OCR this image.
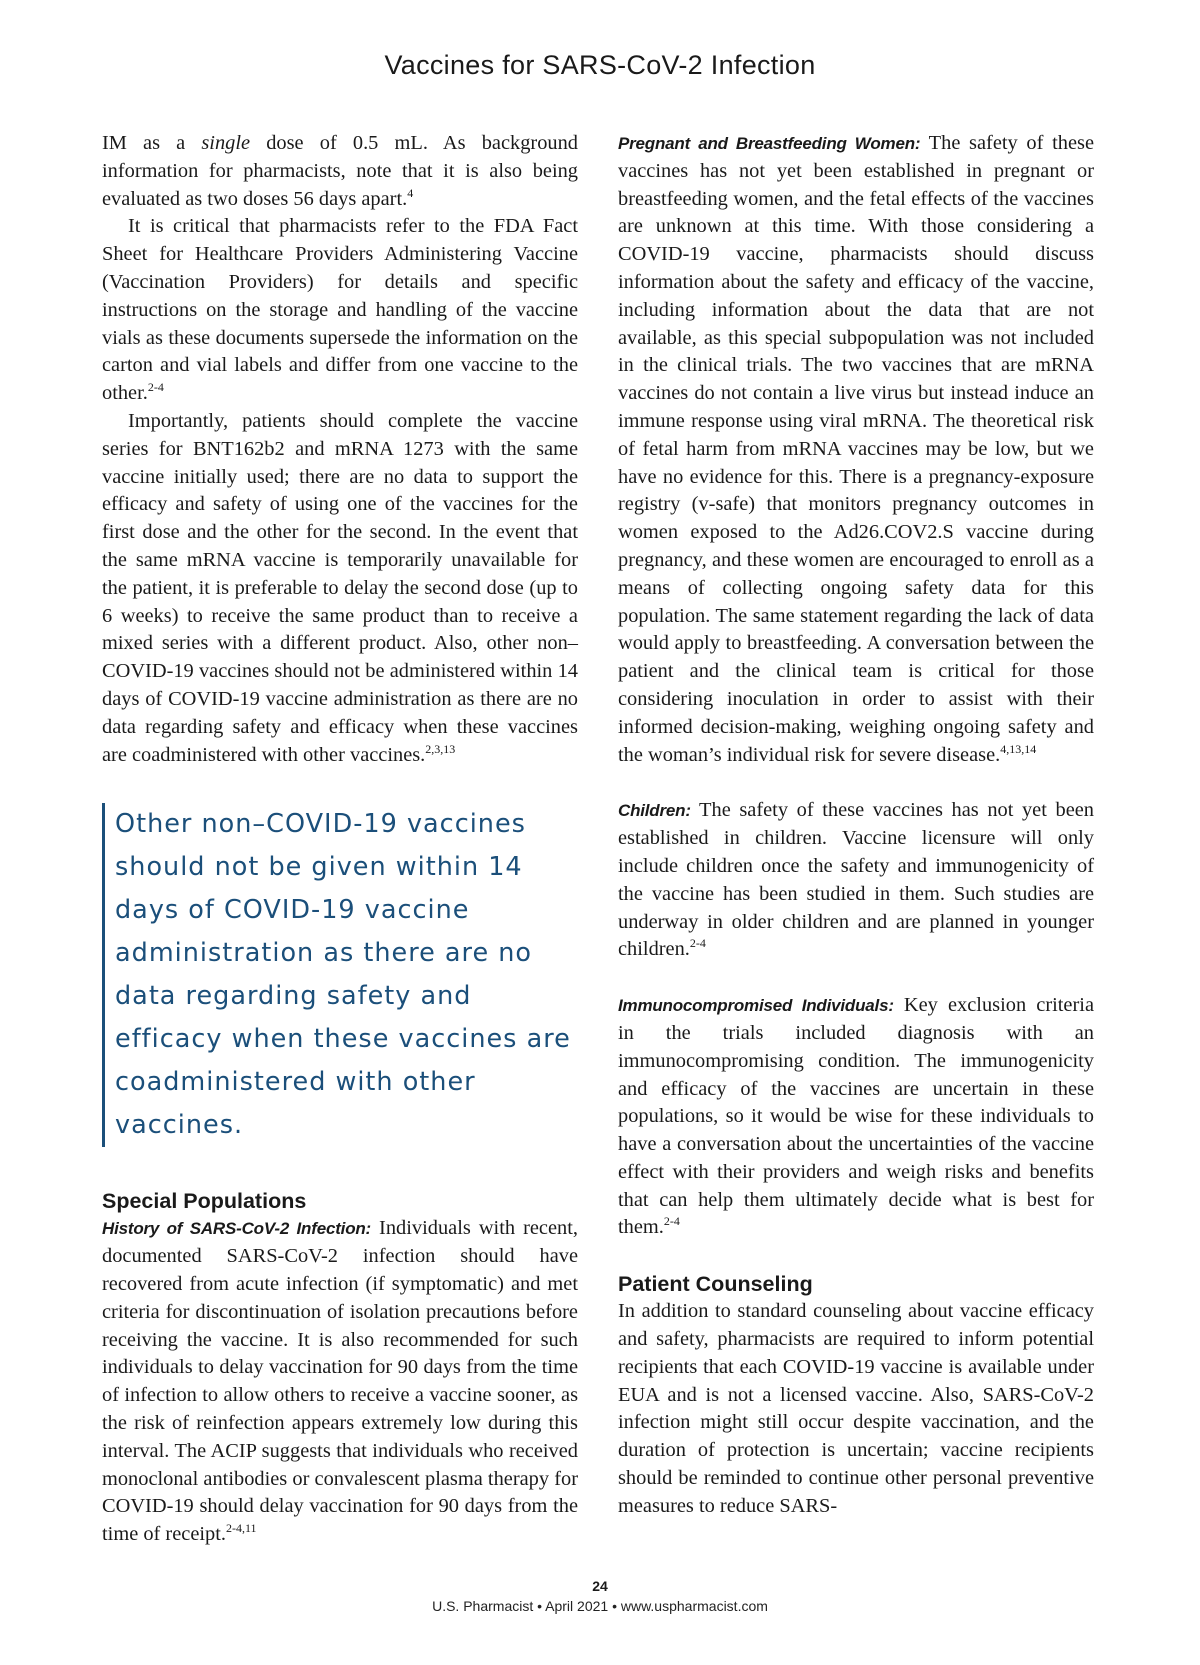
Vaccines for SARS-CoV-2 Infection

IM as a single dose of 0.5 mL. As background information for pharmacists, note that it is also being evaluated as two doses 56 days apart.$^4$

It is critical that pharmacists refer to the FDA Fact Sheet for Healthcare Providers Administering Vaccine (Vaccination Providers) for details and specific instructions on the storage and handling of the vaccine vials as these documents supersede the information on the carton and vial labels and differ from one vaccine to the other.$^{2-4}$

Importantly, patients should complete the vaccine series for BNT162b2 and mRNA 1273 with the same vaccine initially used; there are no data to support the efficacy and safety of using one of the vaccines for the first dose and the other for the second. In the event that the same mRNA vaccine is temporarily unavailable for the patient, it is preferable to delay the second dose (up to 6 weeks) to receive the same product than to receive a mixed series with a different product. Also, other non–COVID-19 vaccines should not be administered within 14 days of COVID-19 vaccine administration as there are no data regarding safety and efficacy when these vaccines are coadministered with other vaccines.$^{2,3,13}$

Other non–COVID-19 vaccines should not be given within 14 days of COVID-19 vaccine administration as there are no data regarding safety and efficacy when these vaccines are coadministered with other vaccines.
Special Populations

History of SARS-CoV-2 Infection: Individuals with recent, documented SARS-CoV-2 infection should have recovered from acute infection (if symptomatic) and met criteria for discontinuation of isolation precautions before receiving the vaccine. It is also recommended for such individuals to delay vaccination for 90 days from the time of infection to allow others to receive a vaccine sooner, as the risk of reinfection appears extremely low during this interval. The ACIP suggests that individuals who received monoclonal antibodies or convalescent plasma therapy for COVID-19 should delay vaccination for 90 days from the time of receipt.$^{2-4,11}$

Pregnant and Breastfeeding Women: The safety of these vaccines has not yet been established in pregnant or breastfeeding women, and the fetal effects of the vaccines are unknown at this time. With those considering a COVID-19 vaccine, pharmacists should discuss information about the safety and efficacy of the vaccine, including information about the data that are not available, as this special subpopulation was not included in the clinical trials. The two vaccines that are mRNA vaccines do not contain a live virus but instead induce an immune response using viral mRNA. The theoretical risk of fetal harm from mRNA vaccines may be low, but we have no evidence for this. There is a pregnancy-exposure registry (v-safe) that monitors pregnancy outcomes in women exposed to the Ad26.COV2.S vaccine during pregnancy, and these women are encouraged to enroll as a means of collecting ongoing safety data for this population. The same statement regarding the lack of data would apply to breastfeeding. A conversation between the patient and the clinical team is critical for those considering inoculation in order to assist with their informed decision-making, weighing ongoing safety and the woman’s individual risk for severe disease.$^{4,13,14}$

Children: The safety of these vaccines has not yet been established in children. Vaccine licensure will only include children once the safety and immunogenicity of the vaccine has been studied in them. Such studies are underway in older children and are planned in younger children.$^{2-4}$

Immunocompromised Individuals: Key exclusion criteria in the trials included diagnosis with an immunocompromising condition. The immunogenicity and efficacy of the vaccines are uncertain in these populations, so it would be wise for these individuals to have a conversation about the uncertainties of the vaccine effect with their providers and weigh risks and benefits that can help them ultimately decide what is best for them.$^{2-4}$

Patient Counseling

In addition to standard counseling about vaccine efficacy and safety, pharmacists are required to inform potential recipients that each COVID-19 vaccine is available under EUA and is not a licensed vaccine. Also, SARS-CoV-2 infection might still occur despite vaccination, and the duration of protection is uncertain; vaccine recipients should be reminded to continue other personal preventive measures to reduce SARS-

24
U.S. Pharmacist • April 2021 • www.uspharmacist.com
